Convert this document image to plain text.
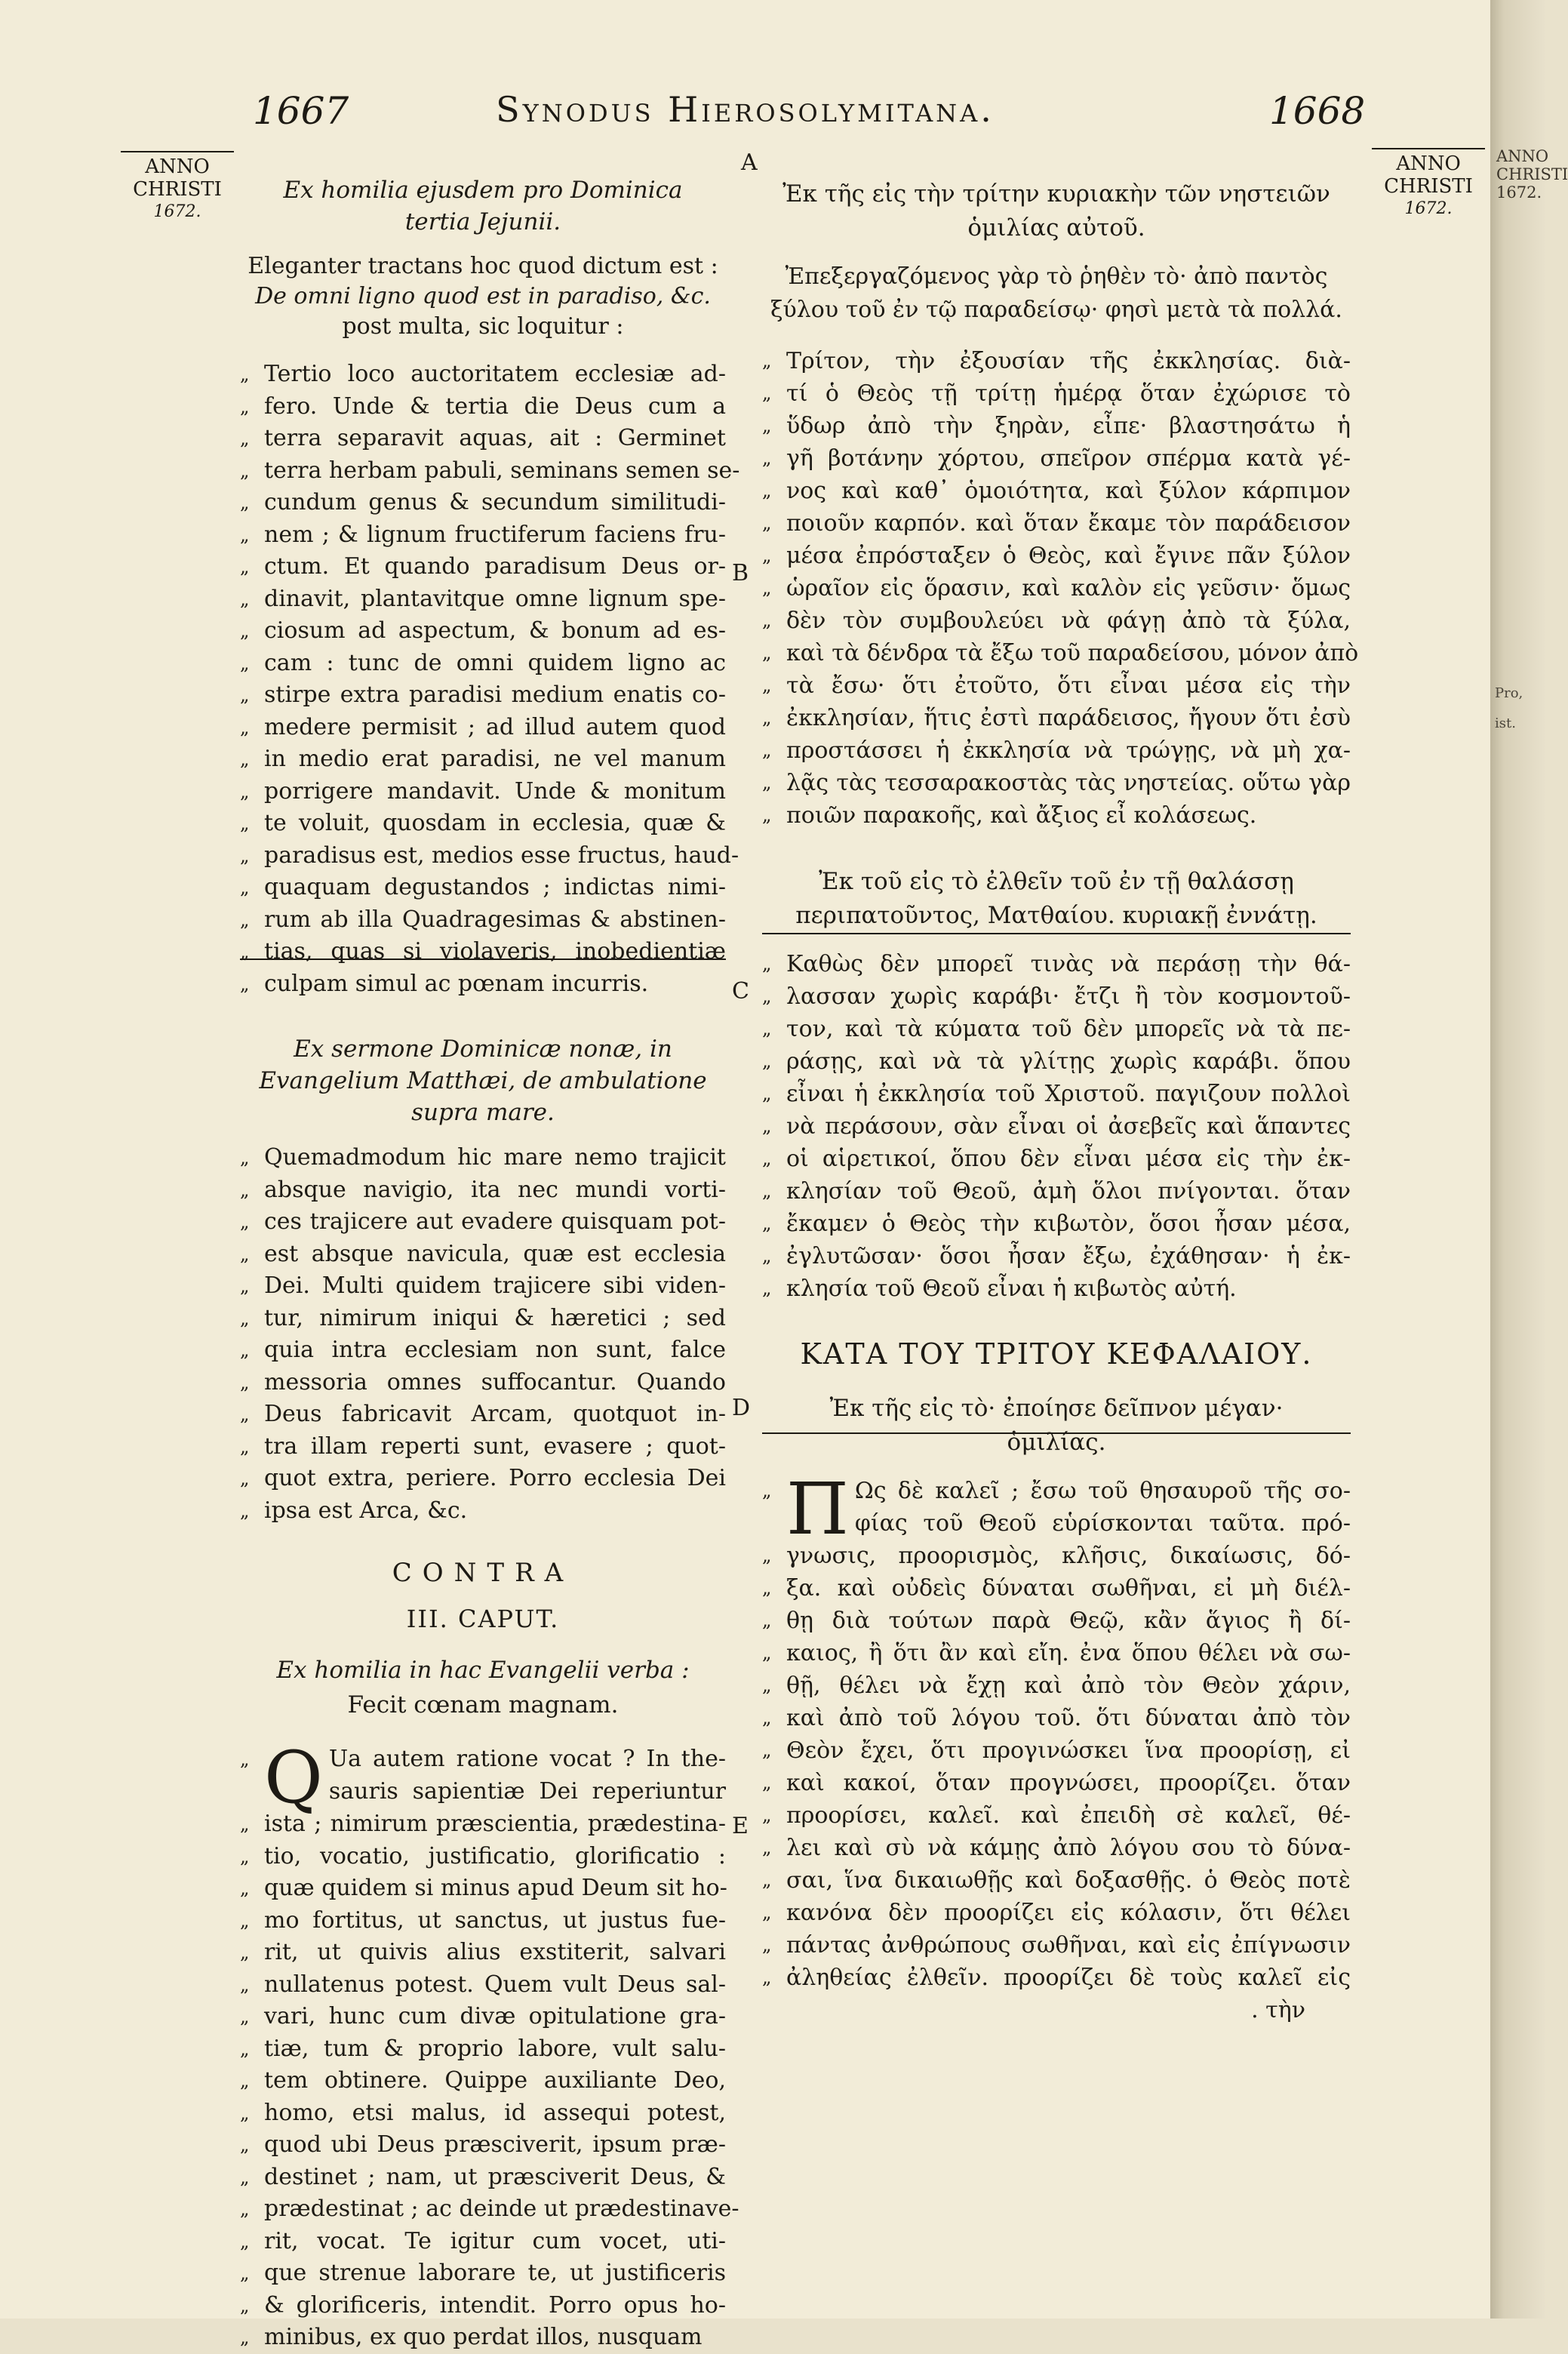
1667	Synodus Hierosolymitana.	1668
ANNO CHRISTI
1672.
ANNO CHRISTI
1672.
A
B
C
D
E
Ex homilia ejusdem pro Dominica tertia Jejunii.
Eleganter tractans hoc quod dictum est :
De omni ligno quod est in paradiso, &c.
post multa, sic loquitur :
„ Tertio loco auctoritatem ecclesiæ ad-
„ fero. Unde & tertia die Deus cum a
„ terra separavit aquas, ait : Germinet
„ terra herbam pabuli, seminans semen se-
„ cundum genus & secundum similitudi-
„ nem ; & lignum fructiferum faciens fru-
„ ctum. Et quando paradisum Deus or-
„ dinavit, plantavitque omne lignum spe-
„ ciosum ad aspectum, & bonum ad es-
„ cam : tunc de omni quidem ligno ac
„ stirpe extra paradisi medium enatis co-
„ medere permisit ; ad illud autem quod
„ in medio erat paradisi, ne vel manum
„ porrigere mandavit. Unde & monitum
„ te voluit, quosdam in ecclesia, quæ &
„ paradisus est, medios esse fructus, haud-
„ quaquam degustandos ; indictas nimi-
„ rum ab illa Quadragesimas & abstinen-
„ tias, quas si violaveris, inobedientiæ
„ culpam simul ac pœnam incurris.
Ex sermone Dominicæ nonæ, in Evangelium Matthæi, de ambulatione supra mare.
„ Quemadmodum hic mare nemo trajicit
„ absque navigio, ita nec mundi vorti-
„ ces trajicere aut evadere quisquam pot-
„ est absque navicula, quæ est ecclesia
„ Dei. Multi quidem trajicere sibi viden-
„ tur, nimirum iniqui & hæretici ; sed
„ quia intra ecclesiam non sunt, falce
„ messoria omnes suffocantur. Quando
„ Deus fabricavit Arcam, quotquot in-
„ tra illam reperti sunt, evasere ; quot-
„ quot extra, periere. Porro ecclesia Dei
„ ipsa est Arca, &c.
CONTRA
III. CAPUT.
Ex homilia in hac Evangelii verba :
Fecit cœnam magnam.
„ Q Ua autem ratione vocat ? In the-
sauris sapientiæ Dei reperiuntur
„ ista ; nimirum præscientia, prædestina-
„ tio, vocatio, justificatio, glorificatio :
„ quæ quidem si minus apud Deum sit ho-
„ mo fortitus, ut sanctus, ut justus fue-
„ rit, ut quivis alius exstiterit, salvari
„ nullatenus potest. Quem vult Deus sal-
„ vari, hunc cum divæ opitulatione gra-
„ tiæ, tum & proprio labore, vult salu-
„ tem obtinere. Quippe auxiliante Deo,
„ homo, etsi malus, id assequi potest,
„ quod ubi Deus præsciverit, ipsum præ-
„ destinet ; nam, ut præsciverit Deus, &
„ prædestinat ; ac deinde ut prædestinave-
„ rit, vocat. Te igitur cum vocet, uti-
„ que strenue laborare te, ut justificeris
„ & glorificeris, intendit. Porro opus ho-
„ minibus, ex quo perdat illos, nusquam
Ἐκ τῆς εἰς τὴν τρίτην κυριακὴν τῶν νηστειῶν ὁμιλίας αὐτοῦ.
Ἐπεξεργαζόμενος γὰρ τὸ ῥηθὲν τὸ· ἀπὸ παντὸς ξύλου τοῦ ἐν τῷ παραδείσῳ· φησὶ μετὰ τὰ πολλά.
„ Τρίτον, τὴν ἐξουσίαν τῆς ἐκκλησίας. διὰ-
„ τί ὁ Θεὸς τῇ τρίτῃ ἡμέρᾳ ὅταν ἐχώρισε τὸ
„ ὕδωρ ἀπὸ τὴν ξηρὰν, εἶπε· βλαστησάτω ἡ
„ γῆ βοτάνην χόρτου, σπεῖρον σπέρμα κατὰ γέ-
„ νος καὶ καθ᾽ ὁμοιότητα, καὶ ξύλον κάρπιμον
„ ποιοῦν καρπόν. καὶ ὅταν ἔκαμε τὸν παράδεισον
„ μέσα ἐπρόσταξεν ὁ Θεὸς, καὶ ἔγινε πᾶν ξύλον
„ ὡραῖον εἰς ὅρασιν, καὶ καλὸν εἰς γεῦσιν· ὅμως
„ δὲν τὸν συμβουλεύει νὰ φάγῃ ἀπὸ τὰ ξύλα,
„ καὶ τὰ δένδρα τὰ ἔξω τοῦ παραδείσου, μόνον ἀπὸ
„ τὰ ἔσω· ὅτι ἐτοῦτο, ὅτι εἶναι μέσα εἰς τὴν
„ ἐκκλησίαν, ἥτις ἐστὶ παράδεισος, ἤγουν ὅτι ἐσὺ
„ προστάσσει ἡ ἐκκλησία νὰ τρώγῃς, νὰ μὴ χα-
„ λᾷς τὰς τεσσαρακοστὰς τὰς νηστείας. οὕτω γὰρ
„ ποιῶν παρακοῆς, καὶ ἄξιος εἶ κολάσεως.
Ἐκ τοῦ εἰς τὸ ἐλθεῖν τοῦ ἐν τῇ θαλάσσῃ περιπατοῦντος, Ματθαίου. κυριακῇ ἐννάτῃ.
„ Καθὼς δὲν μπορεῖ τινὰς νὰ περάσῃ τὴν θά-
„ λασσαν χωρὶς καράβι· ἔτζι ἢ τὸν κοσμοντοῦ-
„ τον, καὶ τὰ κύματα τοῦ δὲν μπορεῖς νὰ τὰ πε-
„ ράσῃς, καὶ νὰ τὰ γλίτῃς χωρὶς καράβι. ὅπου
„ εἶναι ἡ ἐκκλησία τοῦ Χριστοῦ. παγιζουν πολλοὶ
„ νὰ περάσουν, σὰν εἶναι οἱ ἀσεβεῖς καὶ ἅπαντες
„ οἱ αἱρετικοί, ὅπου δὲν εἶναι μέσα εἰς τὴν ἐκ-
„ κλησίαν τοῦ Θεοῦ, ἀμὴ ὅλοι πνίγονται. ὅταν
„ ἔκαμεν ὁ Θεὸς τὴν κιβωτὸν, ὅσοι ἦσαν μέσα,
„ ἐγλυτῶσαν· ὅσοι ἦσαν ἔξω, ἐχάθησαν· ἡ ἐκ-
„ κλησία τοῦ Θεοῦ εἶναι ἡ κιβωτὸς αὐτή.
ΚΑΤΑ ΤΟΥ ΤΡΙΤΟΥ ΚΕΦΑΛΑΙΟΥ.
Ἐκ τῆς εἰς τὸ· ἐποίησε δεῖπνον μέγαν· ὁμιλίας.
„ Π Ως δὲ καλεῖ ; ἔσω τοῦ θησαυροῦ τῆς σο-
φίας τοῦ Θεοῦ εὑρίσκονται ταῦτα. πρό-
„ γνωσις, προορισμὸς, κλῆσις, δικαίωσις, δό-
„ ξα. καὶ οὐδεὶς δύναται σωθῆναι, εἰ μὴ διέλ-
„ θῃ διὰ τούτων παρὰ Θεῷ, κἂν ἅγιος ἢ δί-
„ καιος, ἢ ὅτι ἂν καὶ εἴη. ἐνα ὅπου θέλει νὰ σω-
„ θῇ, θέλει νὰ ἔχῃ καὶ ἀπὸ τὸν Θεὸν χάριν,
„ καὶ ἀπὸ τοῦ λόγου τοῦ. ὅτι δύναται ἀπὸ τὸν
„ Θεὸν ἔχει, ὅτι προγινώσκει ἵνα προορίσῃ, εἰ
„ καὶ κακοί, ὅταν προγνώσει, προορίζει. ὅταν
„ προορίσει, καλεῖ. καὶ ἐπειδὴ σὲ καλεῖ, θέ-
„ λει καὶ σὺ νὰ κάμῃς ἀπὸ λόγου σου τὸ δύνα-
„ σαι, ἵνα δικαιωθῇς καὶ δοξασθῇς. ὁ Θεὸς ποτὲ
„ κανόνα δὲν προορίζει εἰς κόλασιν, ὅτι θέλει
„ πάντας ἀνθρώπους σωθῆναι, καὶ εἰς ἐπίγνωσιν
„ ἀληθείας ἐλθεῖν. προορίζει δὲ τοὺς καλεῖ εἰς
. τὴν
ANNO CHRISTI
1672.
Pro,
ist.
